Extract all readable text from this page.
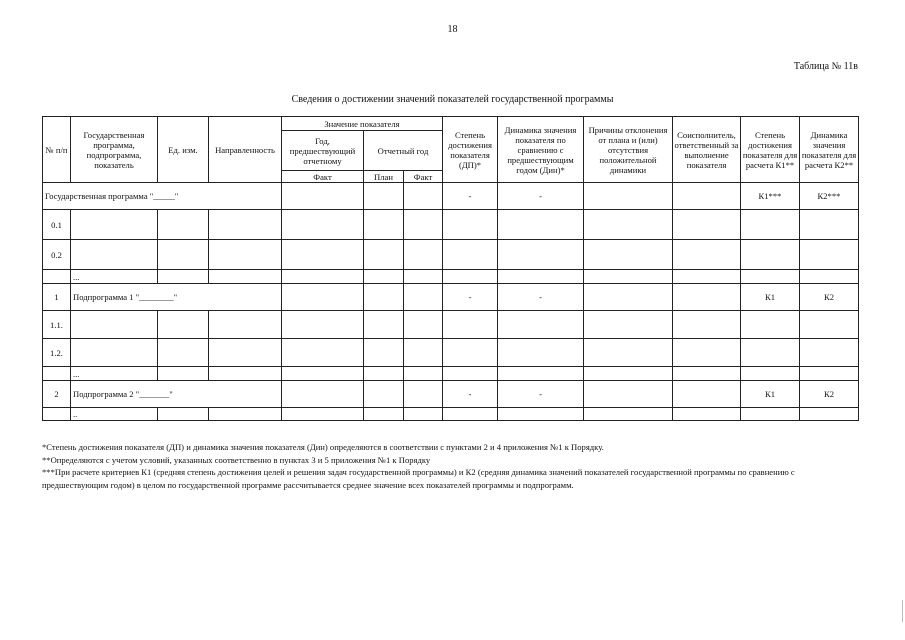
18
Таблица № 11в
Сведения о достижении значений показателей государственной программы
№ п/п	Государственная программа, подпрограмма, показатель	Ед. изм.	Направленность	Значение показателя			Степень достижения показателя (ДП)*	Динамика значения показателя по сравнению с предшествующим годом (Дин)*	Причины отклонения от плана и (или) отсутствия положительной динамики	Соисполнитель, ответственный за выполнение показателя	Степень достижения показателя для расчета К1**	Динамика значения показателя для расчета К2**
				Год, предшествующий отчетному	Отчетный год							
				Факт	План	Факт						
Государственная программа "_____"							-	-			К1***	К2***
0.1												
0.2												
	...											
1	Подпрограмма 1 "________"						-	-			К1	К2
1.1.												
1.2.												
	...											
2	Подпрограмма 2 "_______"						-	-			К1	К2
	..											

*Степень достижения показателя (ДП) и динамика значения показателя (Дин) определяются в соответствии с пунктами 2 и 4 приложения №1 к Порядку.

**Определяются с учетом условий, указанных соответственно в пунктах 3 и 5 приложения №1 к Порядку

***При расчете критериев К1 (средняя степень достижения целей и решения задач государственной программы) и К2 (средняя динамика значений показателей государственной программы по сравнению с предшествующим годом) в целом по государственной программе рассчитывается среднее значение всех показателей программы и подпрограмм.
